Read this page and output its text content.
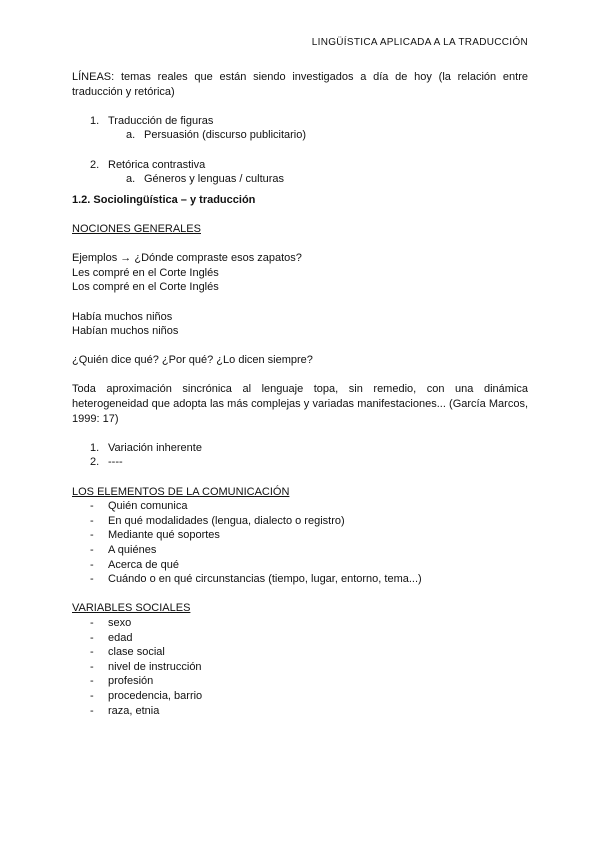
LINGÜÍSTICA APLICADA A LA TRADUCCIÓN

LÍNEAS: temas reales que están siendo investigados a día de hoy (la relación entre traducción y retórica)

1. Traducción de figuras
a. Persuasión (discurso publicitario)
2. Retórica contrastiva
a. Géneros y lenguas / culturas

1.2. Sociolingüística – y traducción

NOCIONES GENERALES

Ejemplos → ¿Dónde compraste esos zapatos?

Les compré en el Corte Inglés

Los compré en el Corte Inglés

Había muchos niños

Habían muchos niños

¿Quién dice qué? ¿Por qué? ¿Lo dicen siempre?

Toda aproximación sincrónica al lenguaje topa, sin remedio, con una dinámica heterogeneidad que adopta las más complejas y variadas manifestaciones... (García Marcos, 1999: 17)

1. Variación inherente
2. ----

LOS ELEMENTOS DE LA COMUNICACIÓN

-	Quién comunica
-	En qué modalidades (lengua, dialecto o registro)
-	Mediante qué soportes
-	A quiénes
-	Acerca de qué
-	Cuándo o en qué circunstancias (tiempo, lugar, entorno, tema...)

VARIABLES SOCIALES

-	sexo
-	edad
-	clase social
-	nivel de instrucción
-	profesión
-	procedencia, barrio
-	raza, etnia
